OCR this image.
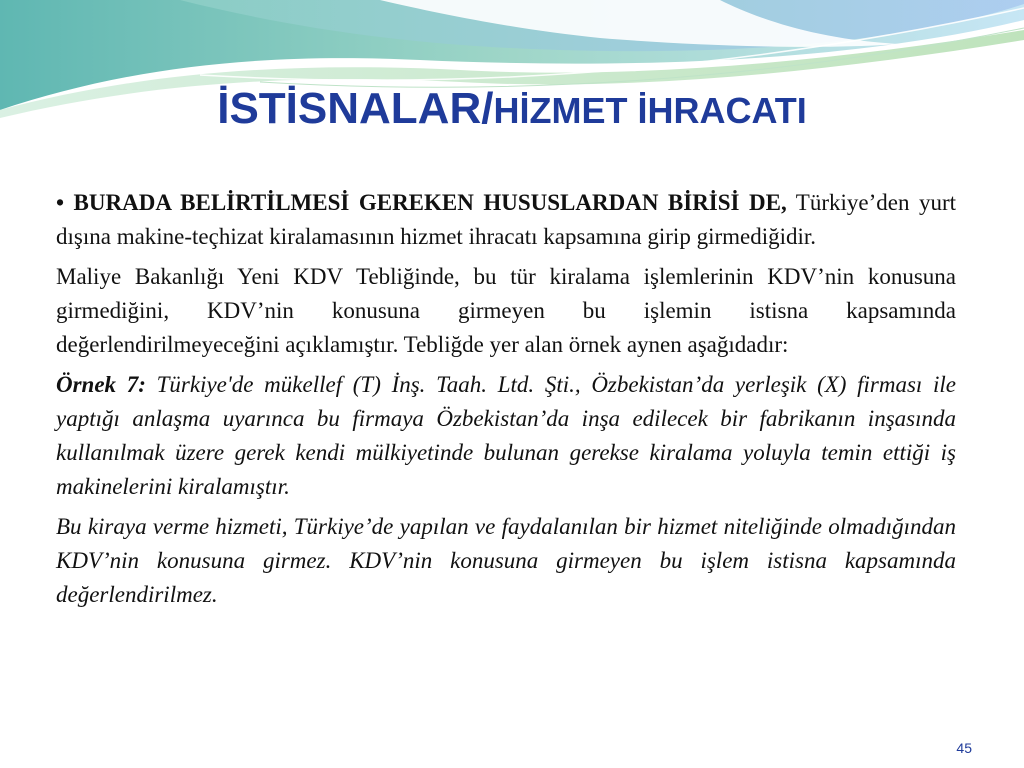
İSTİSNALAR/HİZMET İHRACATI

• BURADA BELİRTİLMESİ GEREKEN HUSUSLARDAN BİRİSİ DE, Türkiye’den yurt dışına makine-teçhizat kiralamasının hizmet ihracatı kapsamına girip girmediğidir.

Maliye Bakanlığı Yeni KDV Tebliğinde, bu tür kiralama işlemlerinin KDV’nin konusuna girmediğini, KDV’nin konusuna girmeyen bu işlemin istisna kapsamında değerlendirilmeyeceğini açıklamıştır. Tebliğde yer alan örnek aynen aşağıdadır:

Örnek 7: Türkiye'de mükellef (T) İnş. Taah. Ltd. Şti., Özbekistan’da yerleşik (X) firması ile yaptığı anlaşma uyarınca bu firmaya Özbekistan’da inşa edilecek bir fabrikanın inşasında kullanılmak üzere gerek kendi mülkiyetinde bulunan gerekse kiralama yoluyla temin ettiği iş makinelerini kiralamıştır.

Bu kiraya verme hizmeti, Türkiye’de yapılan ve faydalanılan bir hizmet niteliğinde olmadığından KDV’nin konusuna girmez. KDV’nin konusuna girmeyen bu işlem istisna kapsamında değerlendirilmez.

45
